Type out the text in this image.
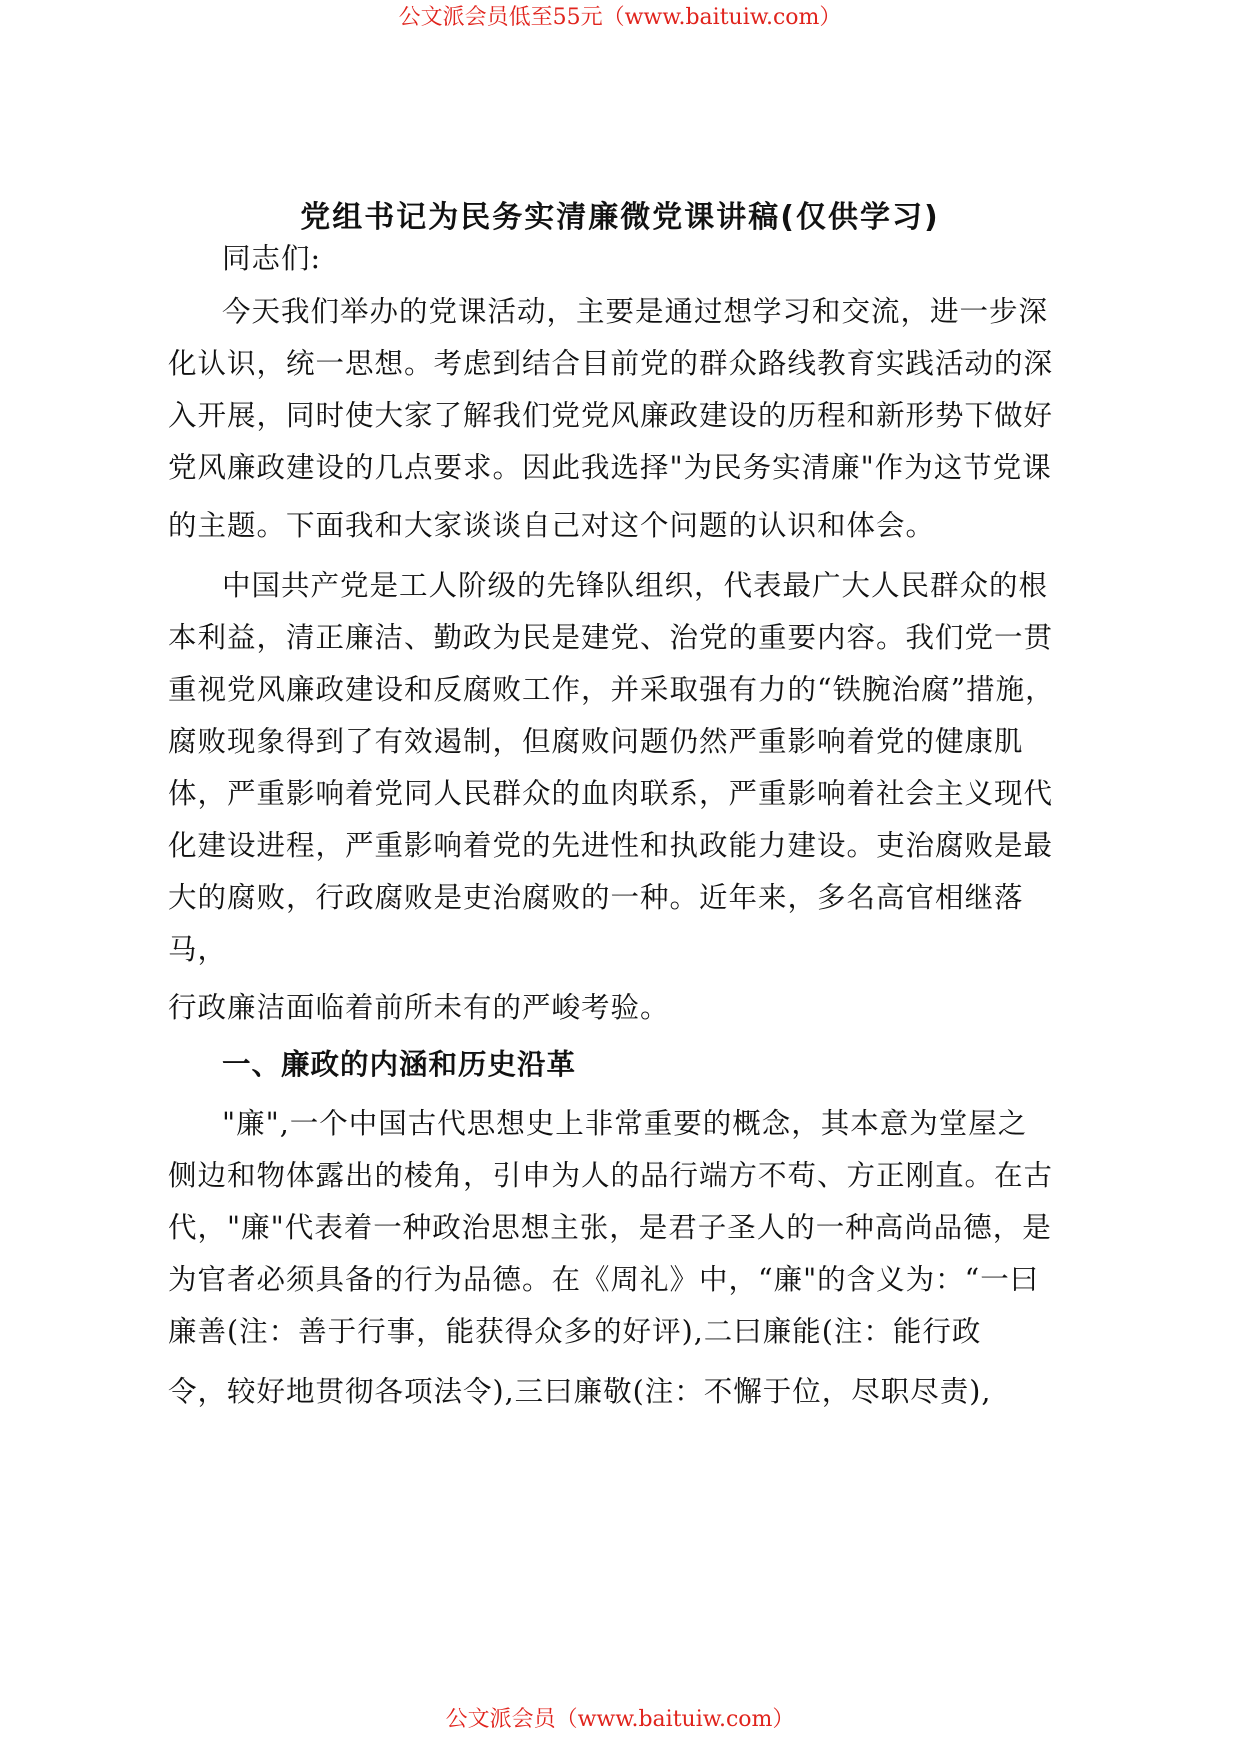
公文派会员低至55元（www.baituiw.com）
党组书记为民务实清廉微党课讲稿(仅供学习)
同志们:
今天我们举办的党课活动，主要是通过想学习和交流，进一步深
化认识，统一思想。考虑到结合目前党的群众路线教育实践活动的深
入开展，同时使大家了解我们党党风廉政建设的历程和新形势下做好
党风廉政建设的几点要求。因此我选择"为民务实清廉"作为这节党课
的主题。下面我和大家谈谈自己对这个问题的认识和体会。
中国共产党是工人阶级的先锋队组织，代表最广大人民群众的根
本利益，清正廉洁、勤政为民是建党、治党的重要内容。我们党一贯
重视党风廉政建设和反腐败工作，并采取强有力的“铁腕治腐”措施，
腐败现象得到了有效遏制，但腐败问题仍然严重影响着党的健康肌
体，严重影响着党同人民群众的血肉联系，严重影响着社会主义现代
化建设进程，严重影响着党的先进性和执政能力建设。吏治腐败是最
大的腐败，行政腐败是吏治腐败的一种。近年来，多名高官相继落
马，
行政廉洁面临着前所未有的严峻考验。
一、廉政的内涵和历史沿革
"廉",一个中国古代思想史上非常重要的概念，其本意为堂屋之
侧边和物体露出的棱角，引申为人的品行端方不苟、方正刚直。在古
代，"廉"代表着一种政治思想主张，是君子圣人的一种高尚品德，是
为官者必须具备的行为品德。在《周礼》中，“廉"的含义为：“一曰
廉善(注：善于行事，能获得众多的好评),二曰廉能(注：能行政
令，较好地贯彻各项法令),三曰廉敬(注：不懈于位，尽职尽责),
公文派会员（www.baituiw.com）
